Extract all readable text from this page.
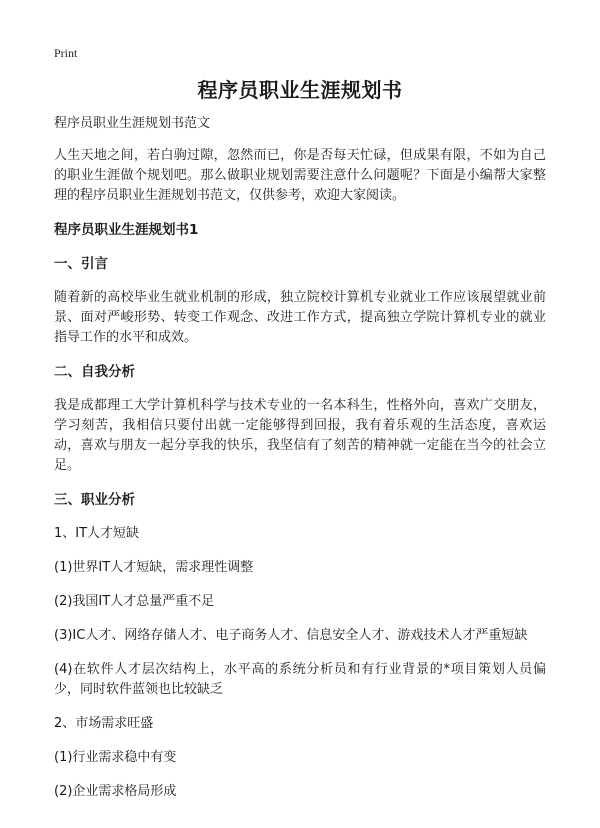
Print

程序员职业生涯规划书

程序员职业生涯规划书范文

人生天地之间，若白驹过隙，忽然而已，你是否每天忙碌，但成果有限，不如为自己的职业生涯做个规划吧。那么做职业规划需要注意什么问题呢？下面是小编帮大家整理的程序员职业生涯规划书范文，仅供参考，欢迎大家阅读。

程序员职业生涯规划书1

一、引言

随着新的高校毕业生就业机制的形成，独立院校计算机专业就业工作应该展望就业前景、面对严峻形势、转变工作观念、改进工作方式，提高独立学院计算机专业的就业指导工作的水平和成效。

二、自我分析

我是成都理工大学计算机科学与技术专业的一名本科生，性格外向，喜欢广交朋友，学习刻苦，我相信只要付出就一定能够得到回报，我有着乐观的生活态度，喜欢运动，喜欢与朋友一起分享我的快乐，我坚信有了刻苦的精神就一定能在当今的社会立足。

三、职业分析

1、IT人才短缺

(1)世界IT人才短缺，需求理性调整

(2)我国IT人才总量严重不足

(3)IC人才、网络存储人才、电子商务人才、信息安全人才、游戏技术人才严重短缺

(4)在软件人才层次结构上，水平高的系统分析员和有行业背景的*项目策划人员偏少，同时软件蓝领也比较缺乏

2、市场需求旺盛

(1)行业需求稳中有变

(2)企业需求格局形成
